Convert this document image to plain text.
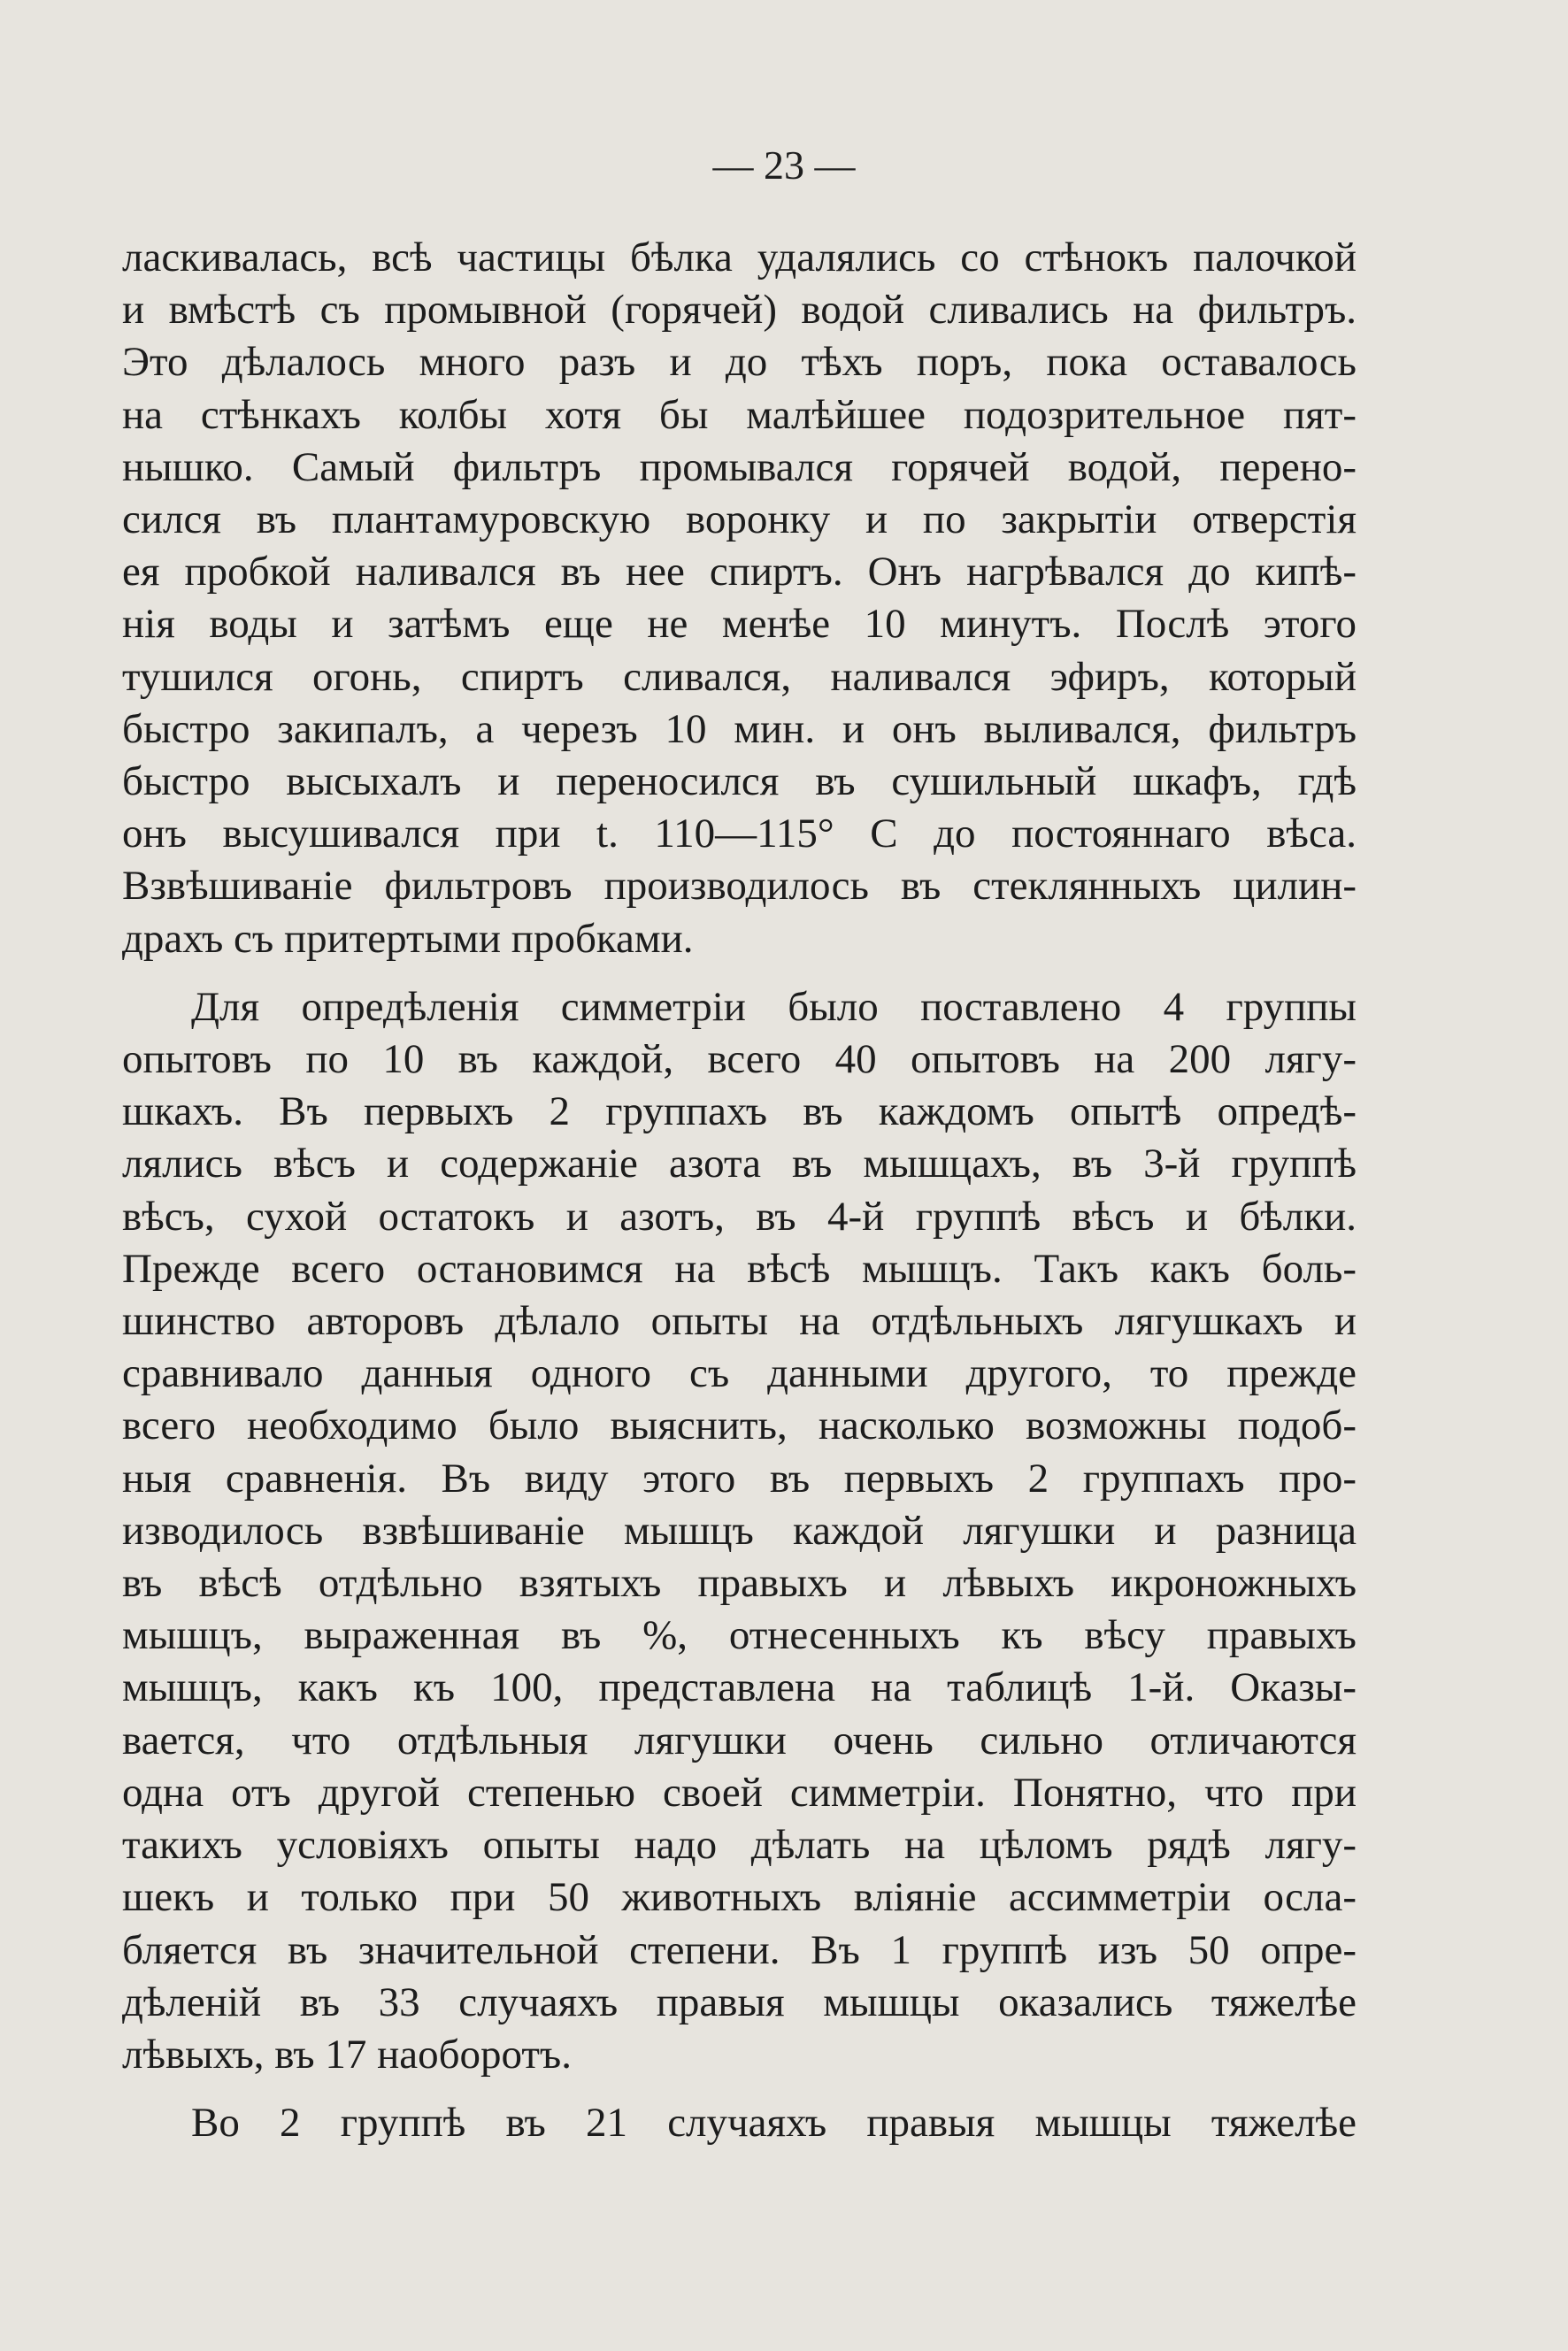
— 23 —
ласкивалась, всѣ частицы бѣлка удалялись со стѣнокъ палочкой
и вмѣстѣ съ промывной (горячей) водой сливались на фильтръ.
Это дѣлалось много разъ и до тѣхъ поръ, пока оставалось
на стѣнкахъ колбы хотя бы малѣйшее подозрительное пят-
нышко. Самый фильтръ промывался горячей водой, перено-
сился въ плантамуровскую воронку и по закрытіи отверстія
ея пробкой наливался въ нее спиртъ. Онъ нагрѣвался до кипѣ-
нія воды и затѣмъ еще не менѣе 10 минутъ. Послѣ этого
тушился огонь, спиртъ сливался, наливался эфиръ, который
быстро закипалъ, а черезъ 10 мин. и онъ выливался, фильтръ
быстро высыхалъ и переносился въ сушильный шкафъ, гдѣ
онъ высушивался при t. 110—115° С до постояннаго вѣса.
Взвѣшиваніе фильтровъ производилось въ стеклянныхъ цилин-
драхъ съ притертыми пробками.
Для опредѣленія симметріи было поставлено 4 группы
опытовъ по 10 въ каждой, всего 40 опытовъ на 200 лягу-
шкахъ. Въ первыхъ 2 группахъ въ каждомъ опытѣ опредѣ-
лялись вѣсъ и содержаніе азота въ мышцахъ, въ 3-й группѣ
вѣсъ, сухой остатокъ и азотъ, въ 4-й группѣ вѣсъ и бѣлки.
Прежде всего остановимся на вѣсѣ мышцъ. Такъ какъ боль-
шинство авторовъ дѣлало опыты на отдѣльныхъ лягушкахъ и
сравнивало данныя одного съ данными другого, то прежде
всего необходимо было выяснить, насколько возможны подоб-
ныя сравненія. Въ виду этого въ первыхъ 2 группахъ про-
изводилось взвѣшиваніе мышцъ каждой лягушки и разница
въ вѣсѣ отдѣльно взятыхъ правыхъ и лѣвыхъ икроножныхъ
мышцъ, выраженная въ %, отнесенныхъ къ вѣсу правыхъ
мышцъ, какъ къ 100, представлена на таблицѣ 1-й. Оказы-
вается, что отдѣльныя лягушки очень сильно отличаются
одна отъ другой степенью своей симметріи. Понятно, что при
такихъ условіяхъ опыты надо дѣлать на цѣломъ рядѣ лягу-
шекъ и только при 50 животныхъ вліяніе ассимметріи осла-
бляется въ значительной степени. Въ 1 группѣ изъ 50 опре-
дѣленій въ 33 случаяхъ правыя мышцы оказались тяжелѣе
лѣвыхъ, въ 17 наоборотъ.
Во 2 группѣ въ 21 случаяхъ правыя мышцы тяжелѣе
